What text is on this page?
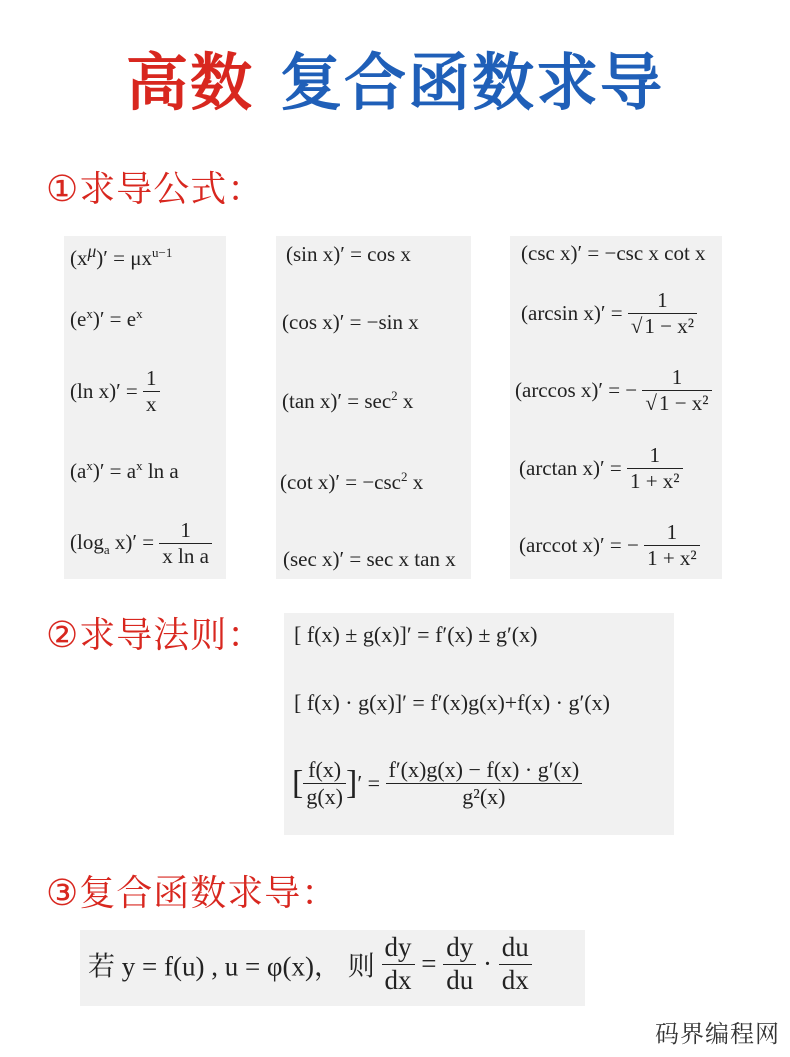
高数 复合函数求导
①求导公式：
$(x^\mu)' = \mu x^{u-1}$
$(e^x)' = e^x$
(ln $x)' = \frac{1}{x}$
$(a^x)' = a^x$ ln a
($\log_a$ $x)' = \frac{1}{\text{x ln a}}$
(sin x)′ = cos x
(cos x)′ = −sin x
(tan $x)' = \sec^2 x$
(cot $x)' = -\csc^2$ x
(sec x)′ = sec x tan x
(csc x)′ = −csc x cot x
(arcsin $x)' = \frac{1}{\text{√1 − x²}}$
(arccos x)′ = − $\frac{1}{\text{√1 − x²}}$
(arctan $x)' = \frac{1}{\text{1 + x²}}$
(arccot x)′ = − $\frac{1}{\text{1 + x²}}$
②求导法则： [ f(x) ± g(x)]′ = f′(x) ± g′(x)
[ f(x) · g(x)]′ = f′(x)g(x)+f(x) · g′(x)
[ $\frac{f(x)}{g(x)}$ ]′ = $\frac{f'(x)g(x) - f(x) \cdot g'(x)}{\text{g²(x)}}$
③复合函数求导：
若 y = f(u) , u = φ(x)， 则 $\frac{dy}{dx} = \frac{dy}{du} \cdot \frac{du}{dx}$
码界编程网
